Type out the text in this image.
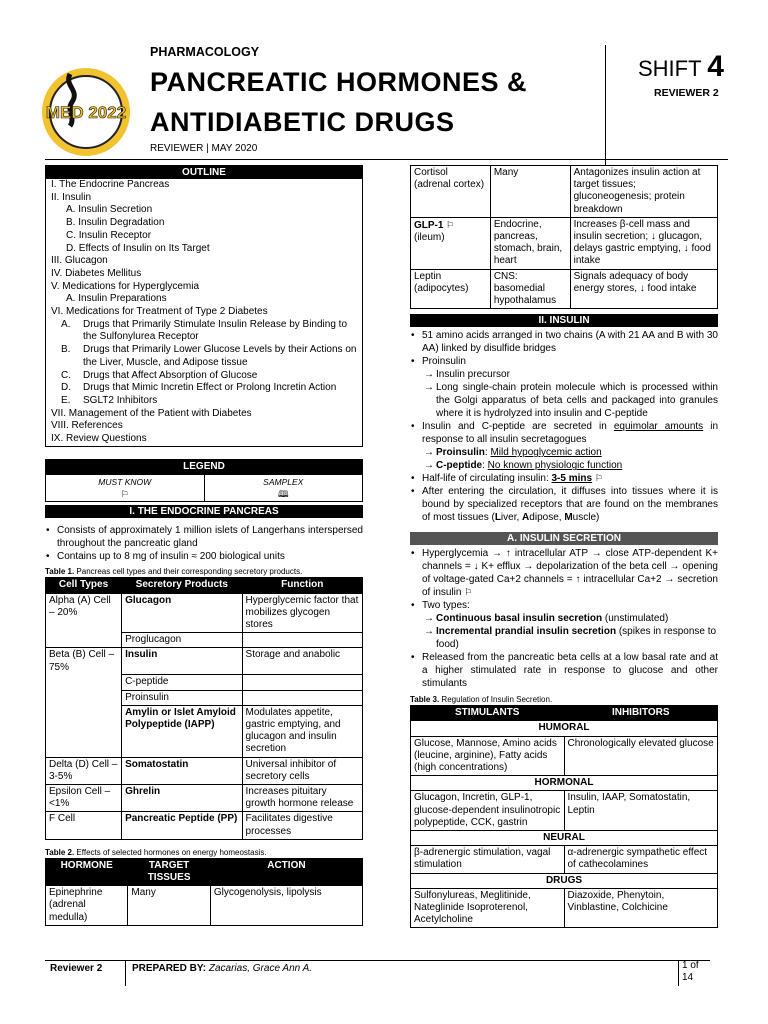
MED 2022
PHARMACOLOGY
PANCREATIC HORMONES &
ANTIDIABETIC DRUGS
REVIEWER | MAY 2020
SHIFT 4
REVIEWER 2
OUTLINE
I. The Endocrine Pancreas
II. Insulin
A. Insulin Secretion
B. Insulin Degradation
C. Insulin Receptor
D. Effects of Insulin on Its Target
III. Glucagon
IV. Diabetes Mellitus
V. Medications for Hyperglycemia
A. Insulin Preparations
VI. Medications for Treatment of Type 2 Diabetes
A.	Drugs that Primarily Stimulate Insulin Release by Binding to the Sulfonylurea Receptor
B.	Drugs that Primarily Lower Glucose Levels by their Actions on the Liver, Muscle, and Adipose tissue
C.	Drugs that Affect Absorption of Glucose
D.	Drugs that Mimic Incretin Effect or Prolong Incretin Action
E.	SGLT2 Inhibitors
VII. Management of the Patient with Diabetes
VIII. References
IX. Review Questions
LEGEND

MUST KNOW
⚐

SAMPLEX
🕮
I. THE ENDOCRINE PANCREAS
• Consists of approximately 1 million islets of Langerhans interspersed throughout the pancreatic gland
• Contains up to 8 mg of insulin ≈ 200 biological units
Table 1. Pancreas cell types and their corresponding secretory products.
Cell Types	Secretory Products	Function
Alpha (A) Cell – 20%	Glucagon	Hyperglycemic factor that mobilizes glycogen stores
	Proglucagon	
Beta (B) Cell – 75%	Insulin	Storage and anabolic
	C-peptide	
	Proinsulin	
	Amylin or Islet Amyloid Polypeptide (IAPP)	Modulates appetite, gastric emptying, and glucagon and insulin secretion
Delta (D) Cell – 3-5%	Somatostatin	Universal inhibitor of secretory cells
Epsilon Cell – <1%	Ghrelin	Increases pituitary growth hormone release
F Cell	Pancreatic Peptide (PP)	Facilitates digestive processes
Table 2. Effects of selected hormones on energy homeostasis.
HORMONE	TARGET TISSUES	ACTION
Epinephrine (adrenal medulla)	Many	Glycogenolysis, lipolysis
Cortisol (adrenal cortex)	Many	Antagonizes insulin action at target tissues; gluconeogenesis; protein breakdown
GLP-1 ⚐
(ileum)	Endocrine, pancreas, stomach, brain, heart	Increases β-cell mass and insulin secretion; ↓ glucagon, delays gastric emptying, ↓ food intake
Leptin (adipocytes)	CNS: basomedial hypothalamus	Signals adequacy of body energy stores, ↓ food intake
II. INSULIN
• 51 amino acids arranged in two chains (A with 21 AA and B with 30 AA) linked by disulfide bridges
• Proinsulin
→ Insulin precursor
→ Long single-chain protein molecule which is processed within the Golgi apparatus of beta cells and packaged into granules where it is hydrolyzed into insulin and C-peptide
• Insulin and C-peptide are secreted in equimolar amounts in response to all insulin secretagogues
→ Proinsulin: Mild hypoglycemic action
→ C-peptide: No known physiologic function
• Half-life of circulating insulin: 3-5 mins ⚐
• After entering the circulation, it diffuses into tissues where it is bound by specialized receptors that are found on the membranes of most tissues (Liver, Adipose, Muscle)
A. INSULIN SECRETION
• Hyperglycemia → ↑ intracellular ATP → close ATP-dependent K+ channels = ↓ K+ efflux → depolarization of the beta cell → opening of voltage-gated Ca+2 channels = ↑ intracellular Ca+2 → secretion of insulin ⚐
• Two types:
→ Continuous basal insulin secretion (unstimulated)
→ Incremental prandial insulin secretion (spikes in response to food)
• Released from the pancreatic beta cells at a low basal rate and at a higher stimulated rate in response to glucose and other stimulants
Table 3. Regulation of Insulin Secretion.
STIMULANTS	INHIBITORS
HUMORAL	
Glucose, Mannose, Amino acids (leucine, arginine), Fatty acids (high concentrations)	Chronologically elevated glucose
HORMONAL	
Glucagon, Incretin, GLP-1, glucose-dependent insulinotropic polypeptide, CCK, gastrin	Insulin, IAAP, Somatostatin, Leptin
NEURAL	
β-adrenergic stimulation, vagal stimulation	α-adrenergic sympathetic effect of cathecolamines
DRUGS	
Sulfonylureas, Meglitinide, Nateglinide Isoproterenol, Acetylcholine	Diazoxide, Phenytoin, Vinblastine, Colchicine
Reviewer 2	PREPARED BY: Zacarias, Grace Ann A.	1 of
14
